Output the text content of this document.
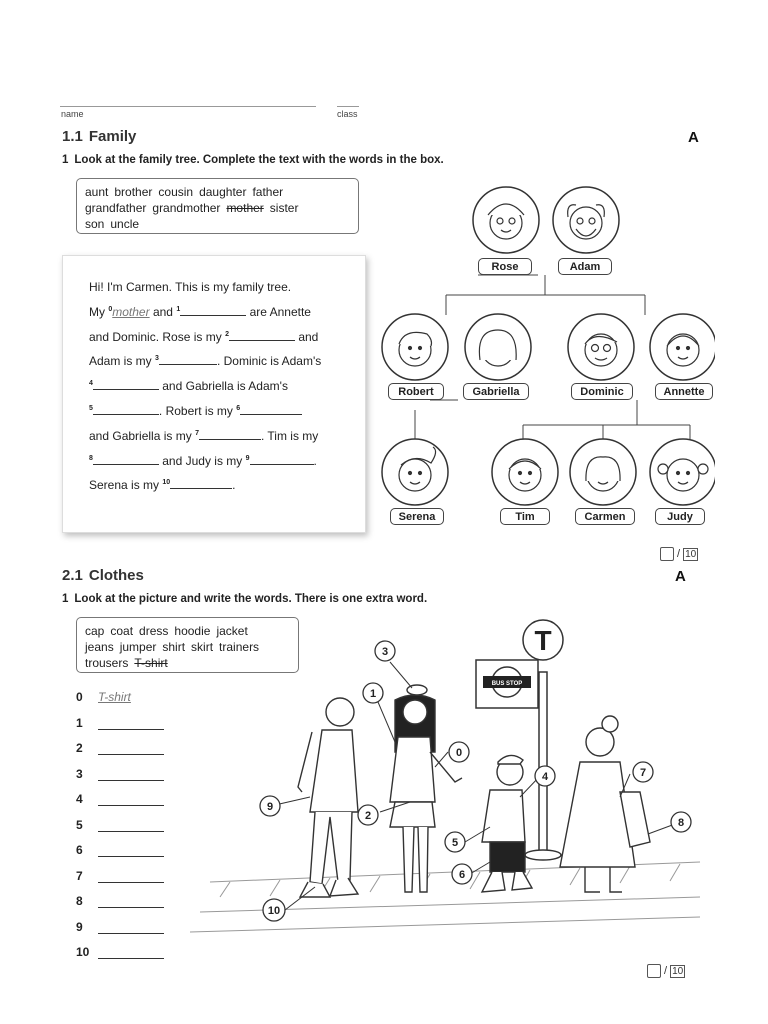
name	class
1.1 Family	A
1 Look at the family tree. Complete the text with the words in the box.
aunt brother cousin daughter father
grandfather grandmother mother sister
son uncle
Hi! I'm Carmen. This is my family tree.
My $^0$mother and $^1$	are Annette
and Dominic. Rose is my $^2$	and
Adam is my $^3$	. Dominic is Adam's
$^4$	and Gabriella is Adam's
$^5$	. Robert is my $^6$
and Gabriella is my $^7$	. Tim is my
$^8$	and Judy is my $^9$	.
Serena is my $^{10}$	.
Rose	Adam
Robert	Gabriella	Dominic	Annette
Serena	Tim	Carmen	Judy
/ 10
2.1 Clothes	A
1 Look at the picture and write the words. There is one extra word.
cap coat dress hoodie jacket
jeans jumper shirt skirt trainers
trousers T-shirt
0	T-shirt
1
2
3
4
5
6
7
8
9
10
T
BUS STOP
0
1
2
3
4
5
6
7
8
9
10
/ 10
